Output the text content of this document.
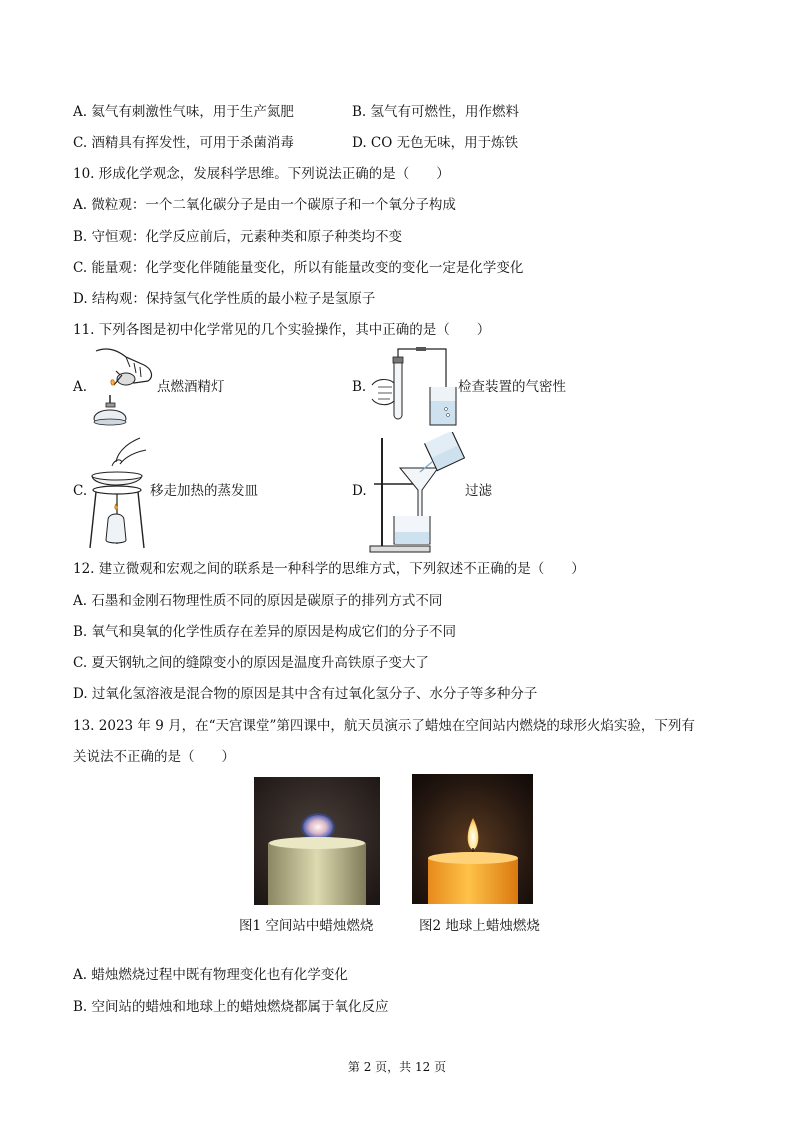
A. 氦气有刺激性气味，用于生产氮肥	B. 氢气有可燃性，用作燃料
C. 酒精具有挥发性，可用于杀菌消毒	D. CO 无色无味，用于炼铁
10. 形成化学观念，发展科学思维。下列说法正确的是（　　）
A. 微粒观：一个二氧化碳分子是由一个碳原子和一个氧分子构成
B. 守恒观：化学反应前后，元素种类和原子种类均不变
C. 能量观：化学变化伴随能量变化，所以有能量改变的变化一定是化学变化
D. 结构观：保持氢气化学性质的最小粒子是氢原子
11. 下列各图是初中化学常见的几个实验操作，其中正确的是（　　）
A.	点燃酒精灯	B.	检查装置的气密性
C.	移走加热的蒸发皿	D.	过滤
12. 建立微观和宏观之间的联系是一种科学的思维方式，下列叙述不正确的是（　　）
A. 石墨和金刚石物理性质不同的原因是碳原子的排列方式不同
B. 氧气和臭氧的化学性质存在差异的原因是构成它们的分子不同
C. 夏天钢轨之间的缝隙变小的原因是温度升高铁原子变大了
D. 过氧化氢溶液是混合物的原因是其中含有过氧化氢分子、水分子等多种分子
13. 2023 年 9 月，在“天宫课堂”第四课中，航天员演示了蜡烛在空间站内燃烧的球形火焰实验，下列有
关说法不正确的是（　　）
图1 空间站中蜡烛燃烧	图2 地球上蜡烛燃烧
A. 蜡烛燃烧过程中既有物理变化也有化学变化
B. 空间站的蜡烛和地球上的蜡烛燃烧都属于氧化反应
第 2 页，共 12 页
